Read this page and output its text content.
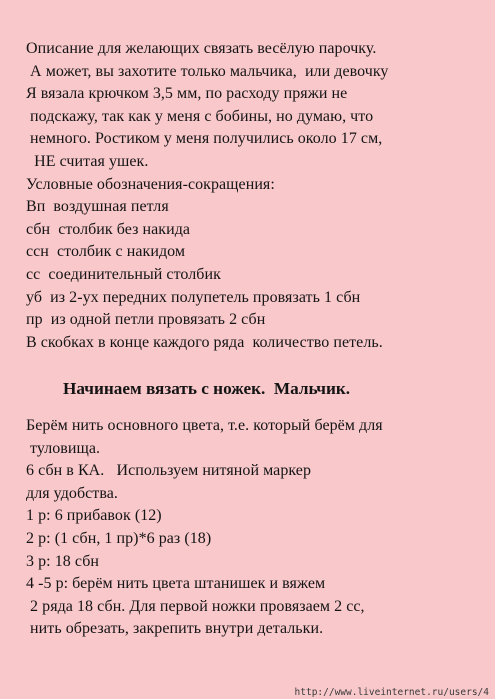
Описание для желающих связать весёлую парочку.
А может, вы захотите только мальчика,  или девочку
Я вязала крючком 3,5 мм, по расходу пряжи не
подскажу, так как у меня с бобины, но думаю, что
немного. Ростиком у меня получились около 17 см,
НЕ считая ушек.
Условные обозначения-сокращения:
Вп  воздушная петля
сбн  столбик без накида
ссн  столбик с накидом
сс  соединительный столбик
уб  из 2-ух передних полупетель провязать 1 сбн
пр  из одной петли провязать 2 сбн
В скобках в конце каждого ряда  количество петель.
Начинаем вязать с ножек.  Мальчик.
Берём нить основного цвета, т.е. который берём для
туловища.
6 сбн в КА.   Используем нитяной маркер
для удобства.
1 р: 6 прибавок (12)
2 р: (1 сбн, 1 пр)*6 раз (18)
3 р: 18 сбн
4 -5 р: берём нить цвета штанишек и вяжем
2 ряда 18 сбн. Для первой ножки провязаем 2 сс,
нить обрезать, закрепить внутри детальки.
http://www.liveinternet.ru/users/4
